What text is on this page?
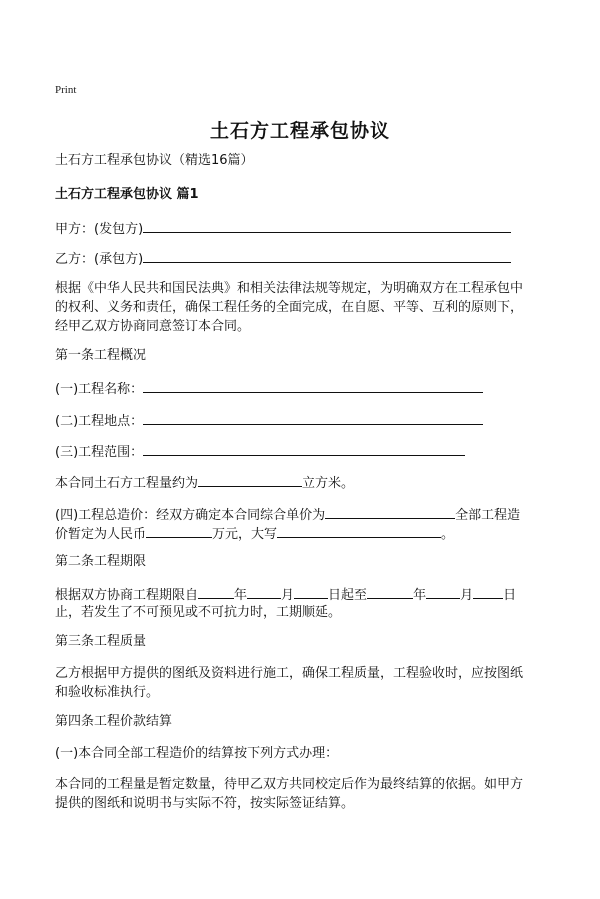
Print
土石方工程承包协议
土石方工程承包协议（精选16篇）
土石方工程承包协议 篇1
甲方：(发包方)
乙方：(承包方)
根据《中华人民共和国民法典》和相关法律法规等规定，为明确双方在工程承包中
的权利、义务和责任，确保工程任务的全面完成，在自愿、平等、互利的原则下，
经甲乙双方协商同意签订本合同。
第一条工程概况
(一)工程名称：
(二)工程地点：
(三)工程范围：
本合同土石方工程量约为	立方米。
(四)工程总造价：经双方确定本合同综合单价为	全部工程造
价暂定为人民币	万元，大写	。
第二条工程期限
根据双方协商工程期限自	年	月	日起至	年	月 日
止，若发生了不可预见或不可抗力时，工期顺延。
第三条工程质量
乙方根据甲方提供的图纸及资料进行施工，确保工程质量，工程验收时，应按图纸
和验收标准执行。
第四条工程价款结算
(一)本合同全部工程造价的结算按下列方式办理：
本合同的工程量是暂定数量，待甲乙双方共同校定后作为最终结算的依据。如甲方
提供的图纸和说明书与实际不符，按实际签证结算。
